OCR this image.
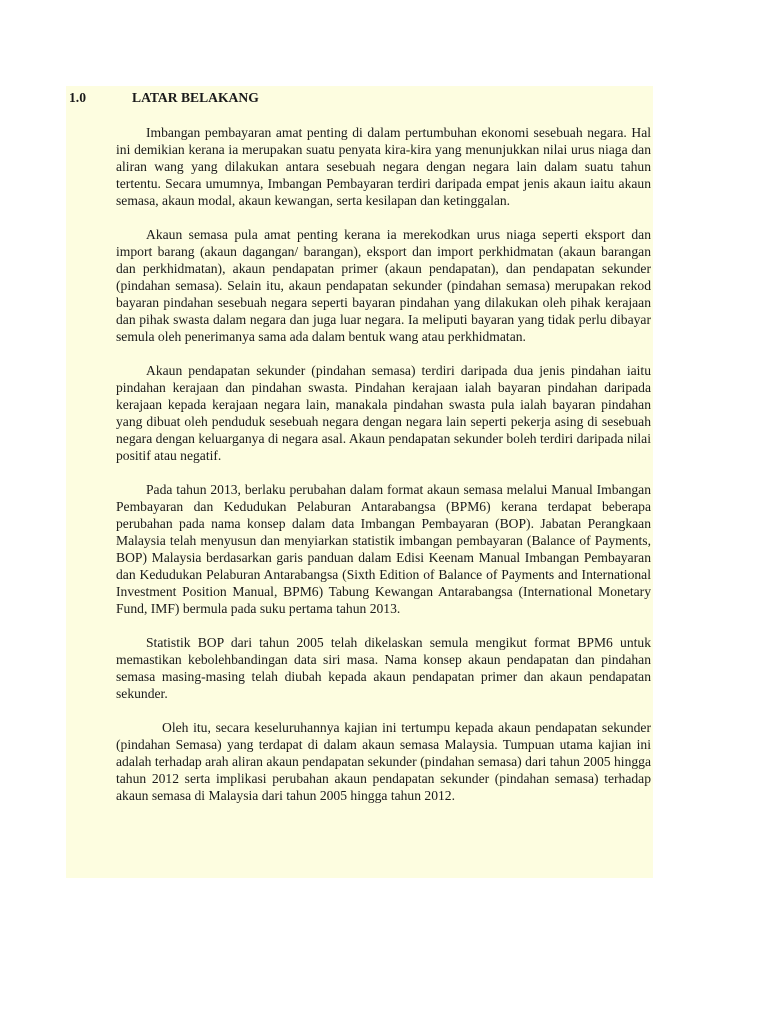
1.0	LATAR BELAKANG

Imbangan pembayaran amat penting di dalam pertumbuhan ekonomi sesebuah negara. Hal ini demikian kerana ia merupakan suatu penyata kira-kira yang menunjukkan nilai urus niaga dan aliran wang yang dilakukan antara sesebuah negara dengan negara lain dalam suatu tahun tertentu. Secara umumnya, Imbangan Pembayaran terdiri daripada empat jenis akaun iaitu akaun semasa, akaun modal, akaun kewangan, serta kesilapan dan ketinggalan.

Akaun semasa pula amat penting kerana ia merekodkan urus niaga seperti eksport dan import barang (akaun dagangan/ barangan), eksport dan import perkhidmatan (akaun barangan dan perkhidmatan), akaun pendapatan primer (akaun pendapatan), dan pendapatan sekunder (pindahan semasa). Selain itu, akaun pendapatan sekunder (pindahan semasa) merupakan rekod bayaran pindahan sesebuah negara seperti bayaran pindahan yang dilakukan oleh pihak kerajaan dan pihak swasta dalam negara dan juga luar negara. Ia meliputi bayaran yang tidak perlu dibayar semula oleh penerimanya sama ada dalam bentuk wang atau perkhidmatan.

Akaun pendapatan sekunder (pindahan semasa) terdiri daripada dua jenis pindahan iaitu pindahan kerajaan dan pindahan swasta. Pindahan kerajaan ialah bayaran pindahan daripada kerajaan kepada kerajaan negara lain, manakala pindahan swasta pula ialah bayaran pindahan yang dibuat oleh penduduk sesebuah negara dengan negara lain seperti pekerja asing di sesebuah negara dengan keluarganya di negara asal. Akaun pendapatan sekunder boleh terdiri daripada nilai positif atau negatif.

Pada tahun 2013, berlaku perubahan dalam format akaun semasa melalui Manual Imbangan Pembayaran dan Kedudukan Pelaburan Antarabangsa (BPM6) kerana terdapat beberapa perubahan pada nama konsep dalam data Imbangan Pembayaran (BOP). Jabatan Perangkaan Malaysia telah menyusun dan menyiarkan statistik imbangan pembayaran (Balance of Payments, BOP) Malaysia berdasarkan garis panduan dalam Edisi Keenam Manual Imbangan Pembayaran dan Kedudukan Pelaburan Antarabangsa (Sixth Edition of Balance of Payments and International Investment Position Manual, BPM6) Tabung Kewangan Antarabangsa (International Monetary Fund, IMF) bermula pada suku pertama tahun 2013.

Statistik BOP dari tahun 2005 telah dikelaskan semula mengikut format BPM6 untuk memastikan kebolehbandingan data siri masa. Nama konsep akaun pendapatan dan pindahan semasa masing-masing telah diubah kepada akaun pendapatan primer dan akaun pendapatan sekunder.

Oleh itu, secara keseluruhannya kajian ini tertumpu kepada akaun pendapatan sekunder (pindahan Semasa) yang terdapat di dalam akaun semasa Malaysia. Tumpuan utama kajian ini adalah terhadap arah aliran akaun pendapatan sekunder (pindahan semasa) dari tahun 2005 hingga tahun 2012 serta implikasi perubahan akaun pendapatan sekunder (pindahan semasa) terhadap akaun semasa di Malaysia dari tahun 2005 hingga tahun 2012.
